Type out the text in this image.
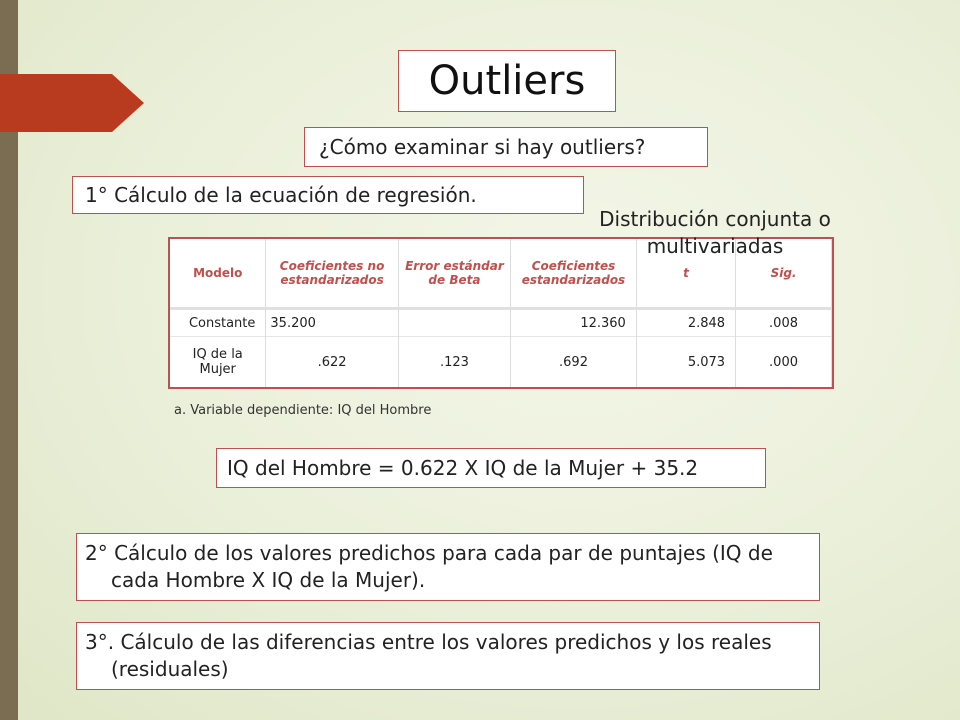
Outliers
¿Cómo examinar si hay outliers?
1° Cálculo de la ecuación de regresión.
Distribución conjunta o multivariadas
Modelo	Coeficientes no estandarizados	Error estándar de Beta	Coeficientes estandarizados	t	Sig.
Constante	35.200		12.360	2.848	.008
IQ de la Mujer	.622	.123	.692	5.073	.000
a. Variable dependiente: IQ del Hombre
IQ del Hombre = 0.622 X IQ de la Mujer + 35.2
2° Cálculo de los valores predichos para cada par de puntajes (IQ de cada Hombre X IQ de la Mujer).
3°. Cálculo de las diferencias entre los valores predichos y los reales (residuales)
